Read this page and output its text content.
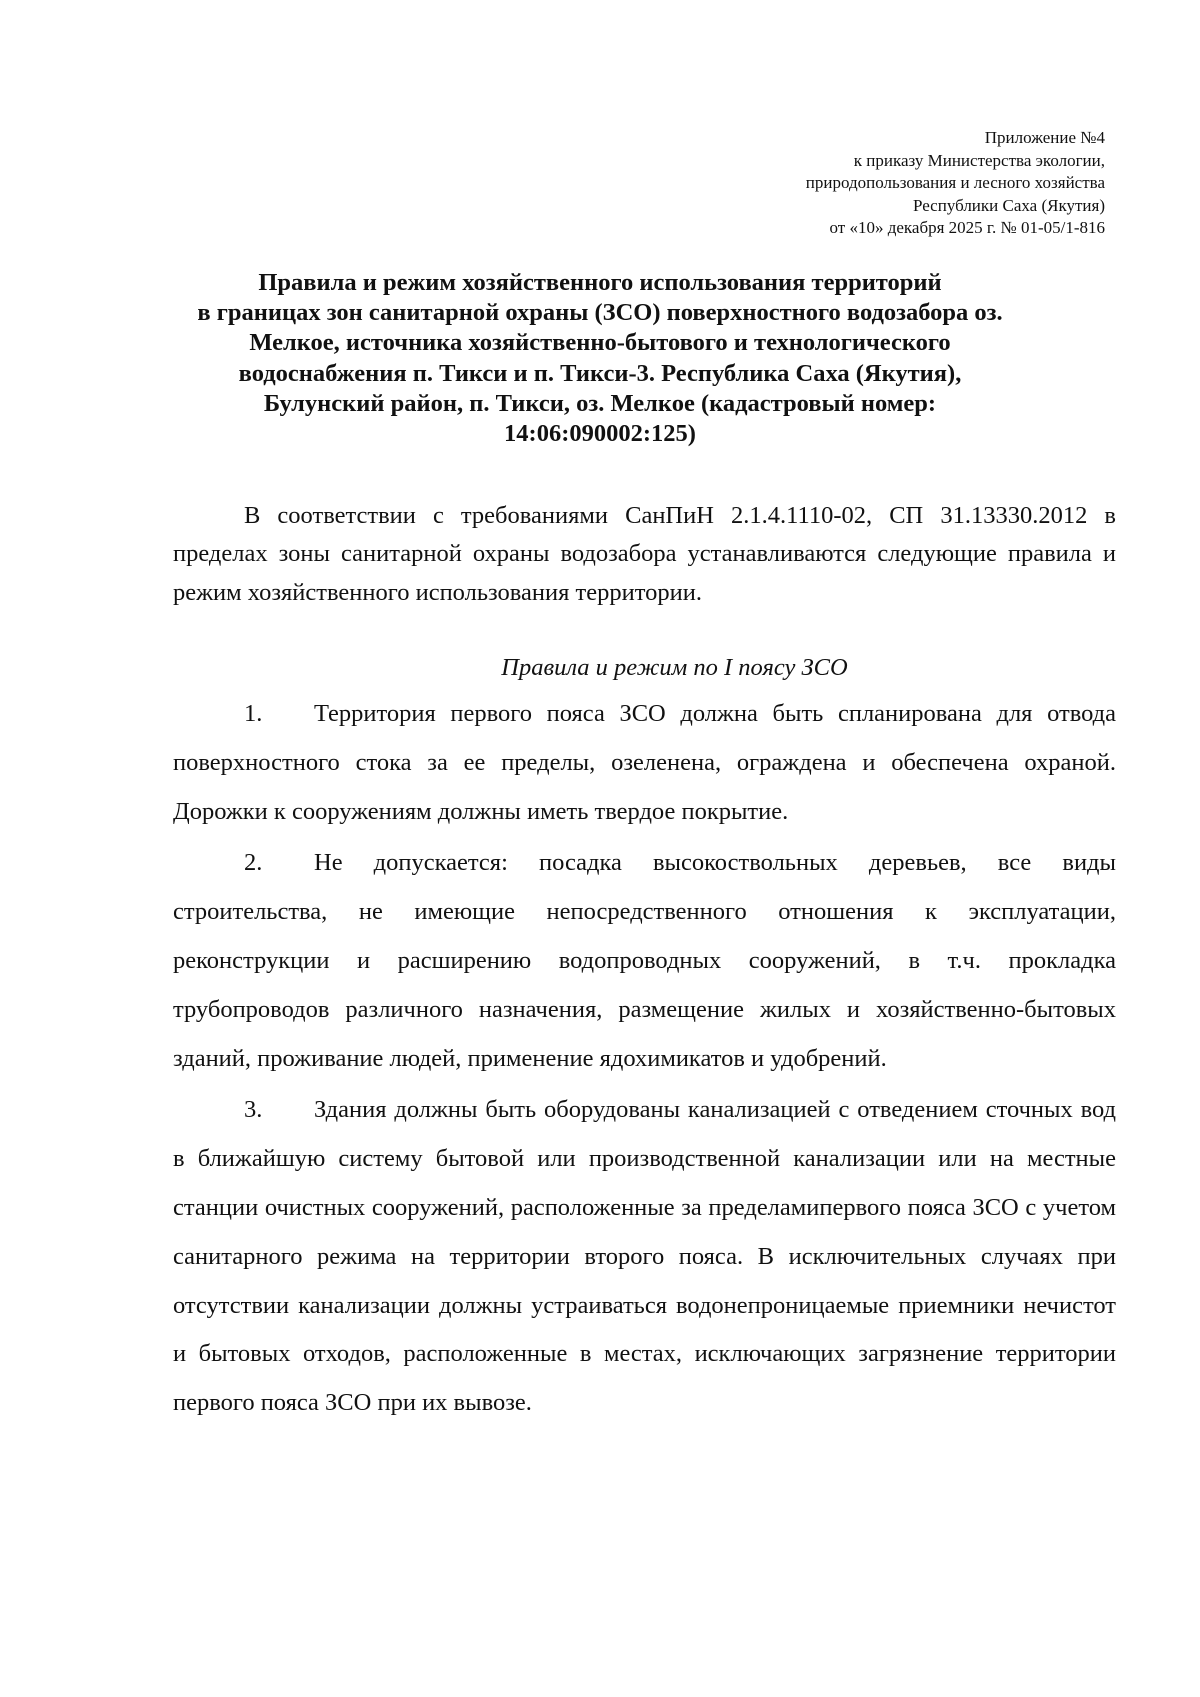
Приложение №4
к приказу Министерства экологии,
природопользования и лесного хозяйства
Республики Саха (Якутия)
от «10» декабря 2025 г. № 01-05/1-816
Правила и режим хозяйственного использования территорий
в границах зон санитарной охраны (ЗСО) поверхностного водозабора оз.
Мелкое, источника хозяйственно-бытового и технологического
водоснабжения п. Тикси и п. Тикси-3. Республика Саха (Якутия),
Булунский район, п. Тикси, оз. Мелкое (кадастровый номер:
14:06:090002:125)

В соответствии с требованиями СанПиН 2.1.4.1110-02, СП 31.13330.2012 в пределах зоны санитарной охраны водозабора устанавливаются следующие правила и режим хозяйственного использования территории.

Правила и режим по I поясу ЗСО

1. Территория первого пояса ЗСО должна быть спланирована для отвода поверхностного стока за ее пределы, озеленена, ограждена и обеспечена охраной. Дорожки к сооружениям должны иметь твердое покрытие.

2. Не допускается: посадка высокоствольных деревьев, все виды строительства, не имеющие непосредственного отношения к эксплуатации, реконструкции и расширению водопроводных сооружений, в т.ч. прокладка трубопроводов различного назначения, размещение жилых и хозяйственно-бытовых зданий, проживание людей, применение ядохимикатов и удобрений.

3. Здания должны быть оборудованы канализацией с отведением сточных вод в ближайшую систему бытовой или производственной канализации или на местные станции очистных сооружений, расположенные за пределамипервого пояса ЗСО с учетом санитарного режима на территории второго пояса. В исключительных случаях при отсутствии канализации должны устраиваться водонепроницаемые приемники нечистот и бытовых отходов, расположенные в местах, исключающих загрязнение территории первого пояса ЗСО при их вывозе.
